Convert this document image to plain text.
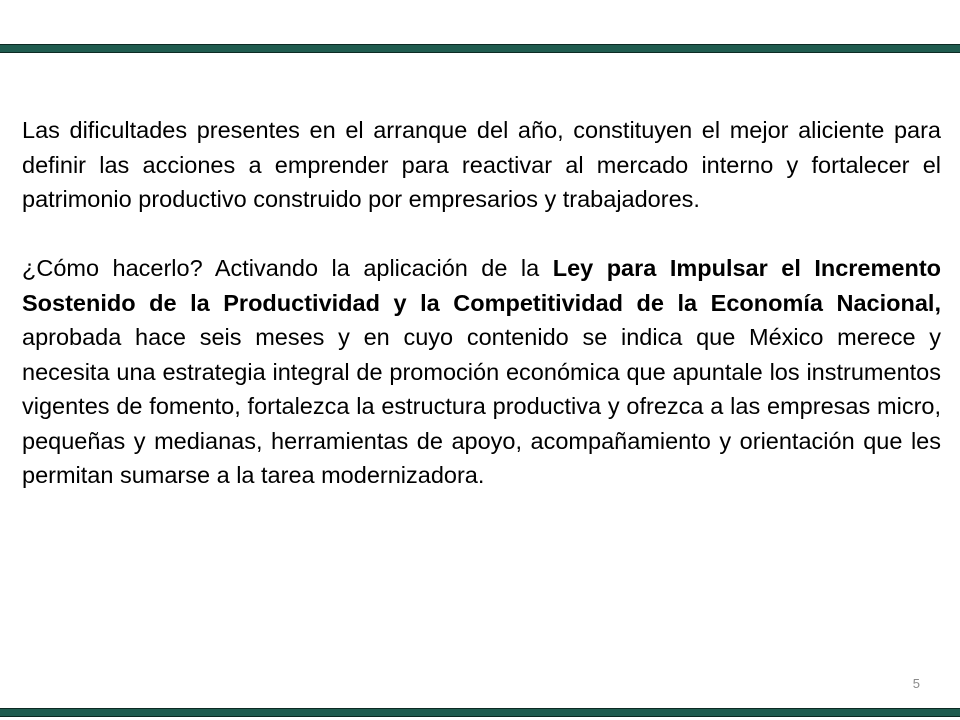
Las dificultades presentes en el arranque del año, constituyen el mejor aliciente para definir las acciones a emprender para reactivar al mercado interno y fortalecer el patrimonio productivo construido por empresarios y trabajadores.

¿Cómo hacerlo? Activando la aplicación de la Ley para Impulsar el Incremento Sostenido de la Productividad y la Competitividad de la Economía Nacional, aprobada hace seis meses y en cuyo contenido se indica que México merece y necesita una estrategia integral de promoción económica que apuntale los instrumentos vigentes de fomento, fortalezca la estructura productiva y ofrezca a las empresas micro, pequeñas y medianas, herramientas de apoyo, acompañamiento y orientación que les permitan sumarse a la tarea modernizadora.

5
